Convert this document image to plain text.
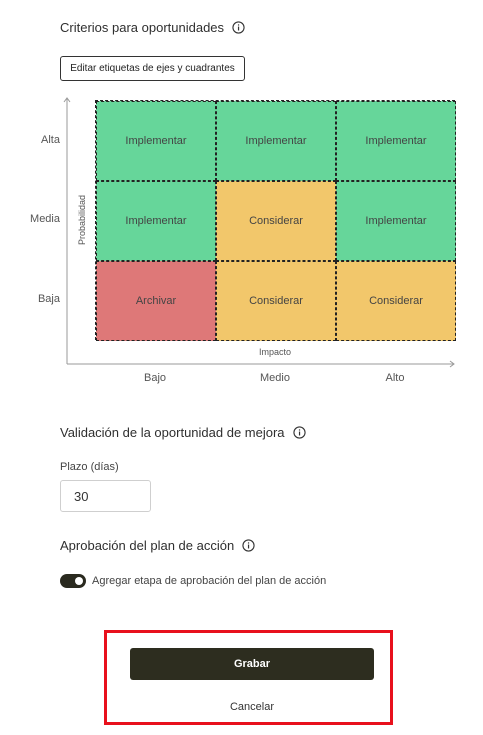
Criterios para oportunidades
Editar etiquetas de ejes y cuadrantes
Alta
Media
Baja
Probabilidad
Implementar	Implementar	Implementar
Implementar	Considerar	Implementar
Archivar	Considerar	Considerar
Impacto
Bajo	Medio	Alto
Validación de la oportunidad de mejora
Plazo (días)
30
Aprobación del plan de acción
Agregar etapa de aprobación del plan de acción
Grabar
Cancelar
